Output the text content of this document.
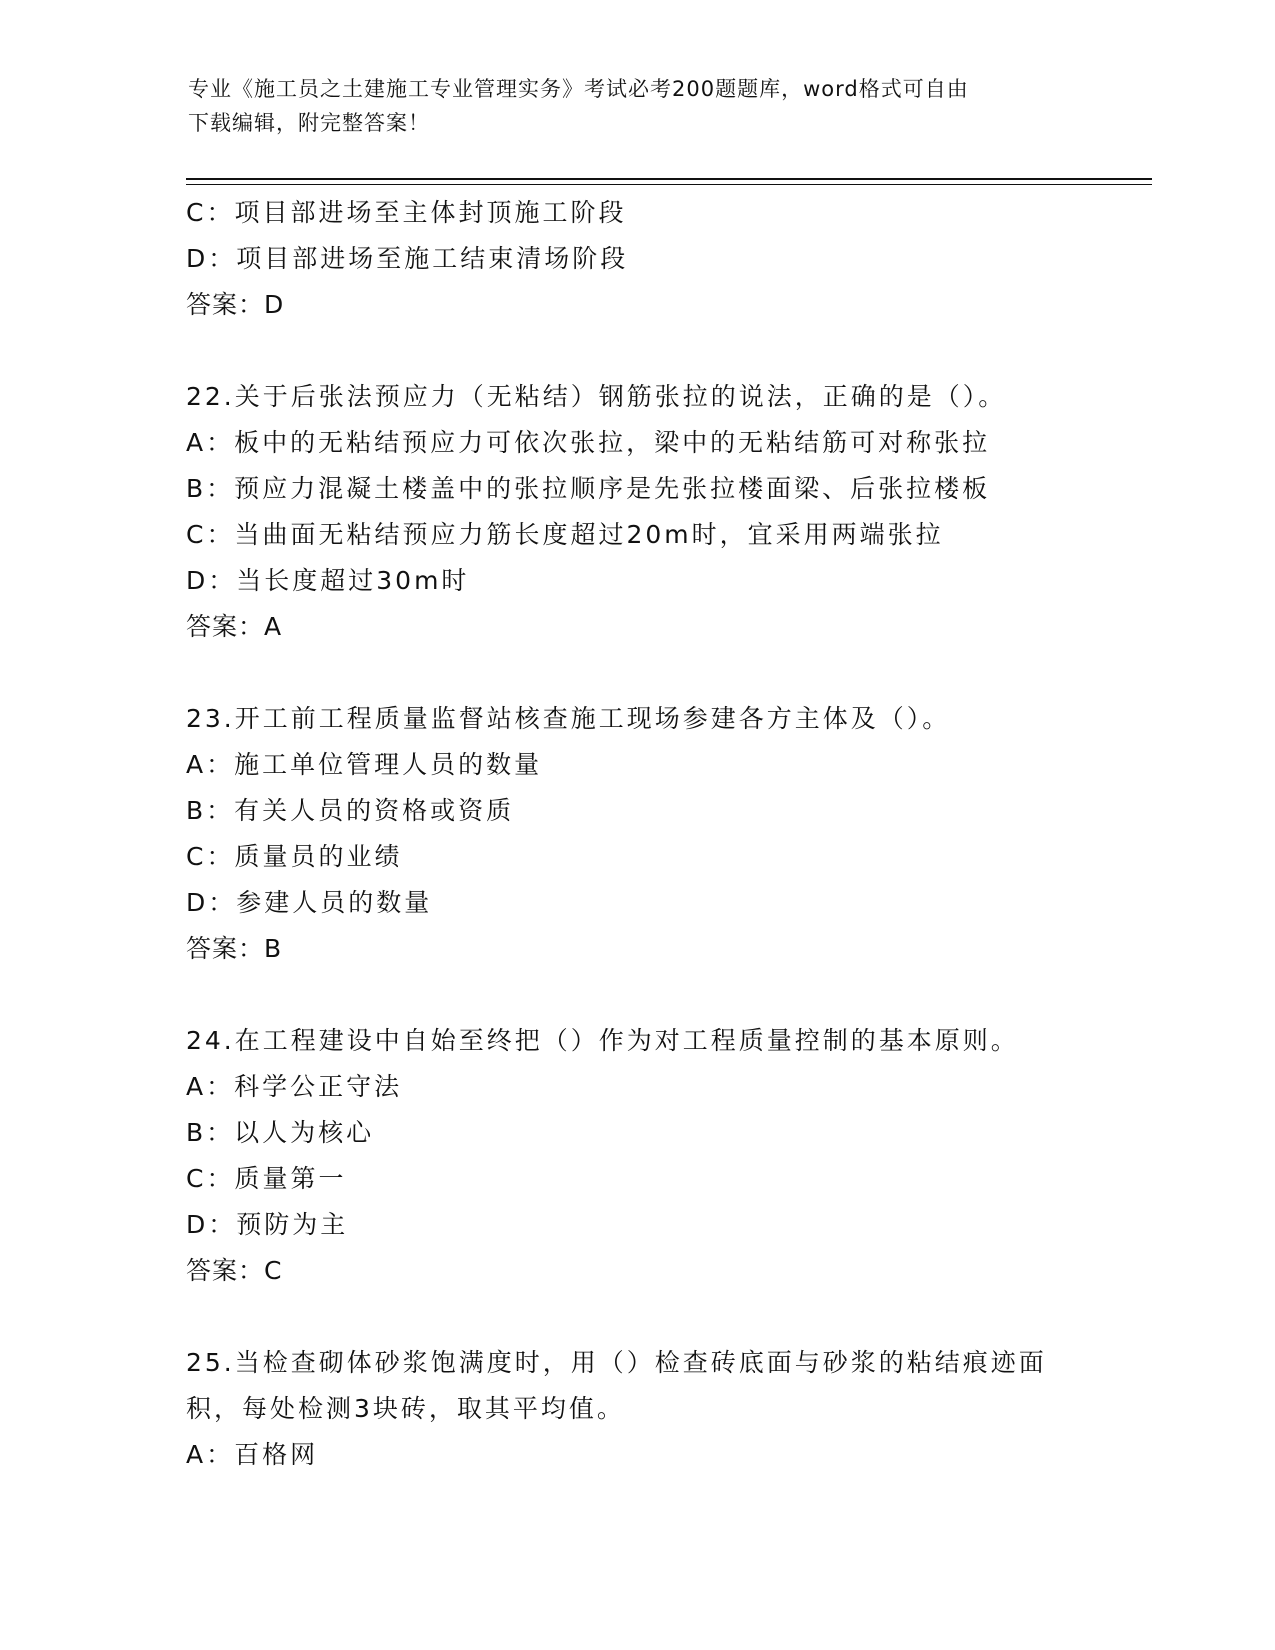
专业《施工员之土建施工专业管理实务》考试必考200题题库，word格式可自由
下载编辑，附完整答案！
C：项目部进场至主体封顶施工阶段
D：项目部进场至施工结束清场阶段
答案：D
22.关于后张法预应力（无粘结）钢筋张拉的说法，正确的是（）。
A：板中的无粘结预应力可依次张拉，梁中的无粘结筋可对称张拉
B：预应力混凝土楼盖中的张拉顺序是先张拉楼面梁、后张拉楼板
C：当曲面无粘结预应力筋长度超过20m时，宜采用两端张拉
D：当长度超过30m时
答案：A
23.开工前工程质量监督站核查施工现场参建各方主体及（）。
A：施工单位管理人员的数量
B：有关人员的资格或资质
C：质量员的业绩
D：参建人员的数量
答案：B
24.在工程建设中自始至终把（）作为对工程质量控制的基本原则。
A：科学公正守法
B：以人为核心
C：质量第一
D：预防为主
答案：C
25.当检查砌体砂浆饱满度时，用（）检查砖底面与砂浆的粘结痕迹面
积，每处检测3块砖，取其平均值。
A：百格网
